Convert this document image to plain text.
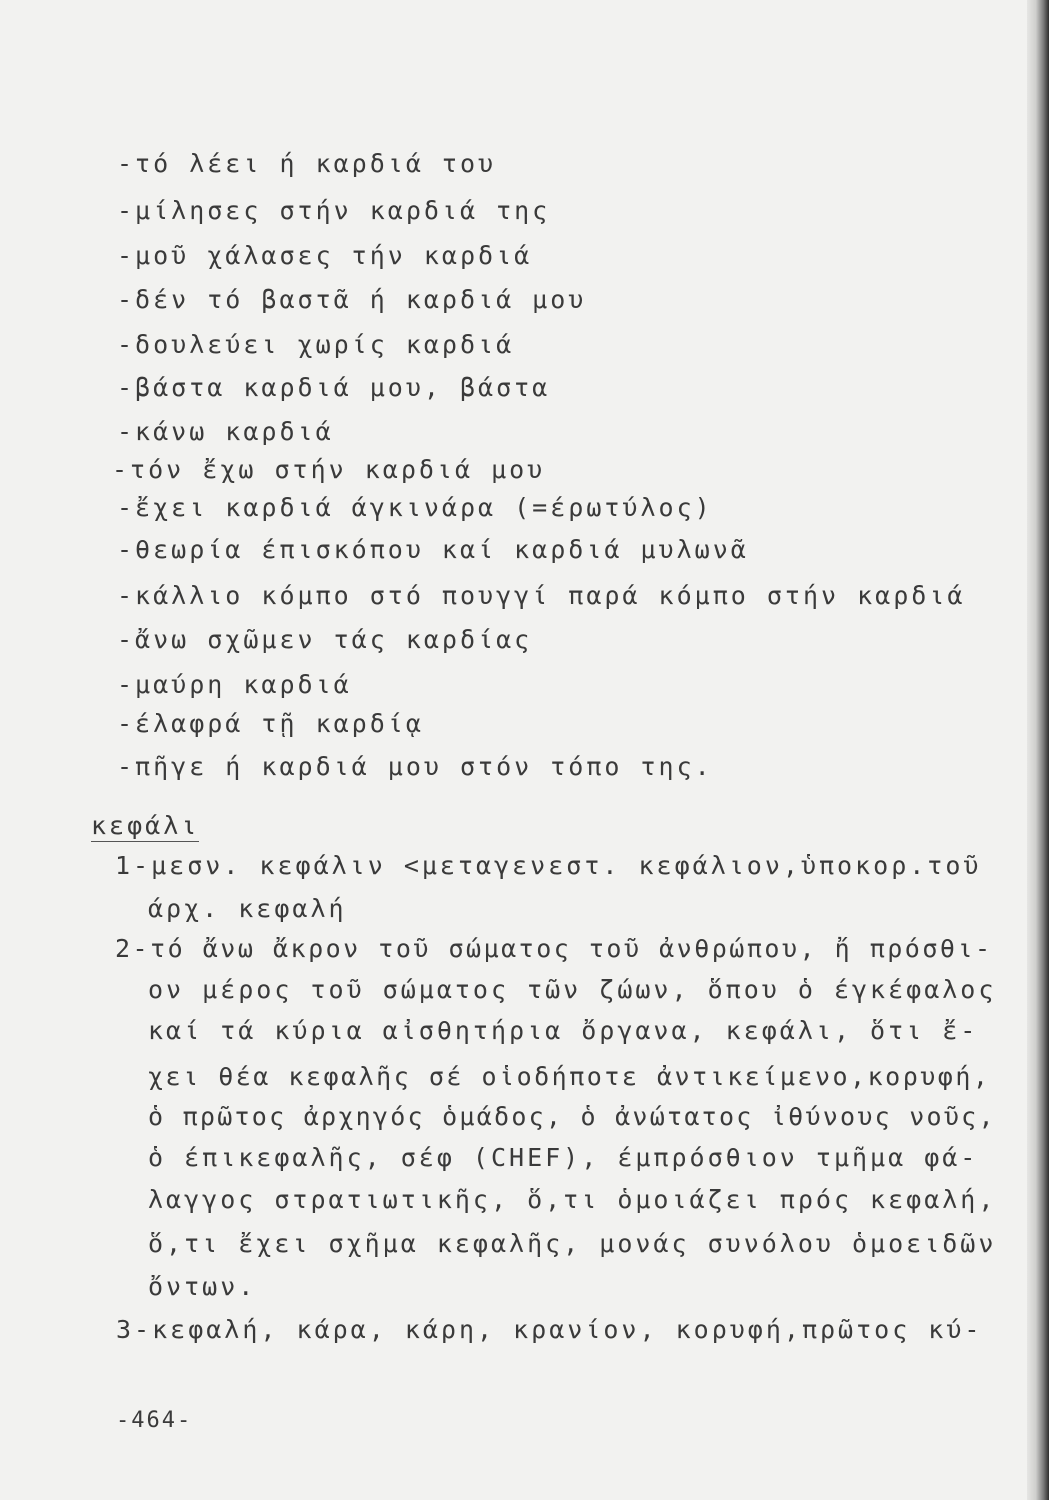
-τό λέει ή καρδιά του
-μίλησες στήν καρδιά της
-μοῦ χάλασες τήν καρδιά
-δέν τό βαστᾶ ή καρδιά μου
-δουλεύει χωρίς καρδιά
-βάστα καρδιά μου, βάστα
-κάνω καρδιά
-τόν ἔχω στήν καρδιά μου
-ἔχει καρδιά άγκινάρα (=έρωτύλος)
-θεωρία έπισκόπου καί καρδιά μυλωνᾶ
-κάλλιο κόμπο στό πουγγί παρά κόμπο στήν καρδιά
-ἄνω σχῶμεν τάς καρδίας
-μαύρη καρδιά
-έλαφρά τῇ καρδίᾳ
-πῆγε ή καρδιά μου στόν τόπο της.
κεφάλι
1-μεσν. κεφάλιν <μεταγενεστ. κεφάλιον,ὑποκορ.τοῦ
άρχ. κεφαλή
2-τό ἄνω ἄκρον τοῦ σώματος τοῦ ἀνθρώπου, ἤ πρόσθι-
ον μέρος τοῦ σώματος τῶν ζώων, ὅπου ὁ έγκέφαλος
καί τά κύρια αἰσθητήρια ὄργανα, κεφάλι, ὅτι ἔ-
χει θέα κεφαλῆς σέ οἱοδήποτε ἀντικείμενο,κορυφή,
ὁ πρῶτος ἀρχηγός ὁμάδος, ὁ ἀνώτατος ἰθύνους νοῦς,
ὁ έπικεφαλῆς, σέφ (CHEF), έμπρόσθιον τμῆμα φά-
λαγγος στρατιωτικῆς, ὅ,τι ὁμοιάζει πρός κεφαλή,
ὅ,τι ἔχει σχῆμα κεφαλῆς, μονάς συνόλου ὁμοειδῶν
ὄντων.
3-κεφαλή, κάρα, κάρη, κρανίον, κορυφή,πρῶτος κύ-
-464-
